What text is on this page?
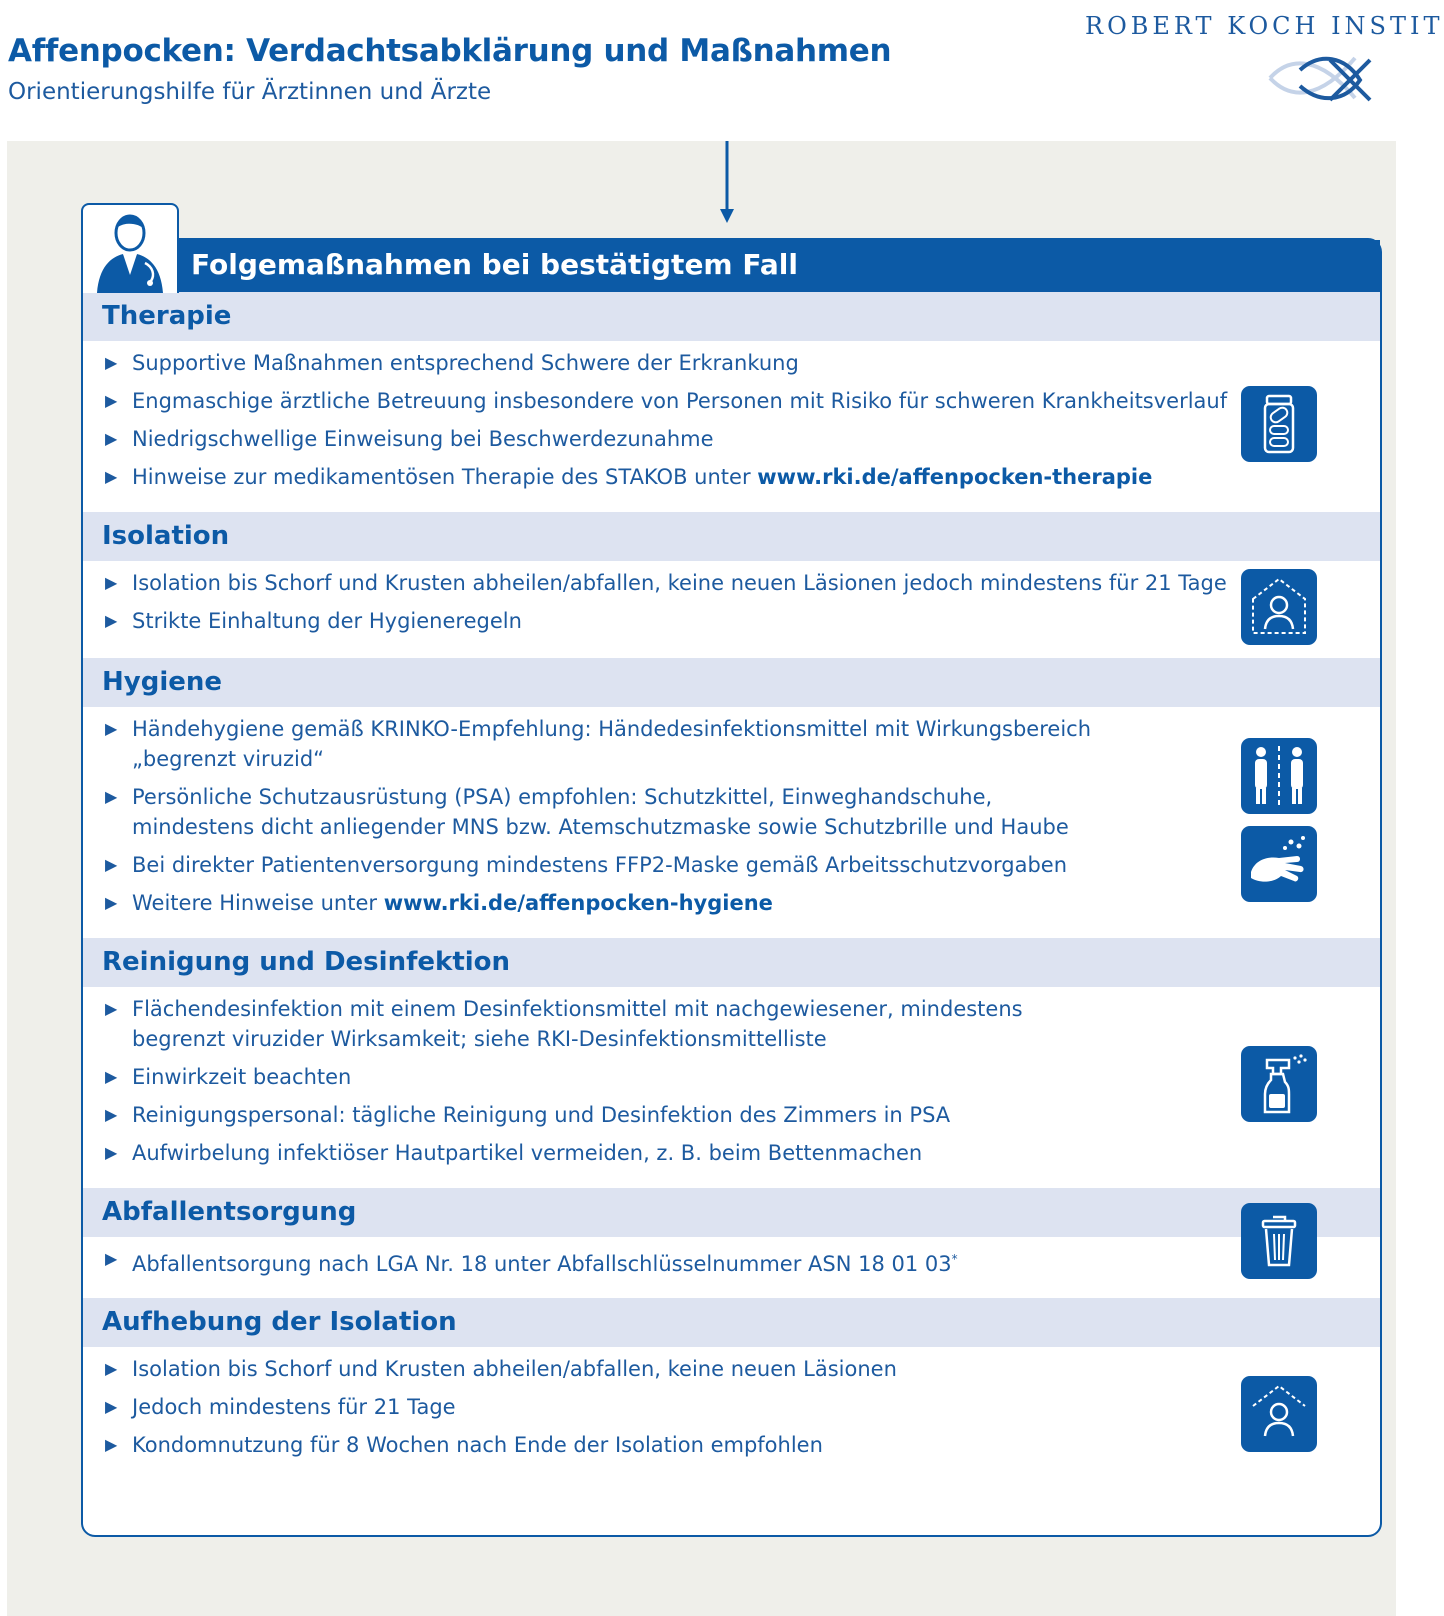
Affenpocken: Verdachtsabklärung und Maßnahmen
Orientierungshilfe für Ärztinnen und Ärzte
ROBERT KOCH INSTIT
Folgemaßnahmen bei bestätigtem Fall
Therapie
▶ Supportive Maßnahmen entsprechend Schwere der Erkrankung
▶ Engmaschige ärztliche Betreuung insbesondere von Personen mit Risiko für schweren Krankheitsverlauf
▶ Niedrigschwellige Einweisung bei Beschwerdezunahme
▶ Hinweise zur medikamentösen Therapie des STAKOB unter www.rki.de/affenpocken-therapie
Isolation
▶ Isolation bis Schorf und Krusten abheilen/abfallen, keine neuen Läsionen jedoch mindestens für 21 Tage
▶ Strikte Einhaltung der Hygieneregeln
Hygiene
▶ Händehygiene gemäß KRINKO-Empfehlung: Händedesinfektionsmittel mit Wirkungsbereich „begrenzt viruzid“
▶ Persönliche Schutzausrüstung (PSA) empfohlen: Schutzkittel, Einweghandschuhe, mindestens dicht anliegender MNS bzw. Atemschutzmaske sowie Schutzbrille und Haube
▶ Bei direkter Patientenversorgung mindestens FFP2-Maske gemäß Arbeitsschutzvorgaben
▶ Weitere Hinweise unter www.rki.de/affenpocken-hygiene
Reinigung und Desinfektion
▶ Flächendesinfektion mit einem Desinfektionsmittel mit nachgewiesener, mindestens begrenzt viruzider Wirksamkeit; siehe RKI-Desinfektionsmittelliste
▶ Einwirkzeit beachten
▶ Reinigungspersonal: tägliche Reinigung und Desinfektion des Zimmers in PSA
▶ Aufwirbelung infektiöser Hautpartikel vermeiden, z. B. beim Bettenmachen
Abfallentsorgung
▶ Abfallentsorgung nach LGA Nr. 18 unter Abfallschlüsselnummer ASN 18 01 03*
Aufhebung der Isolation
▶ Isolation bis Schorf und Krusten abheilen/abfallen, keine neuen Läsionen
▶ Jedoch mindestens für 21 Tage
▶ Kondomnutzung für 8 Wochen nach Ende der Isolation empfohlen
